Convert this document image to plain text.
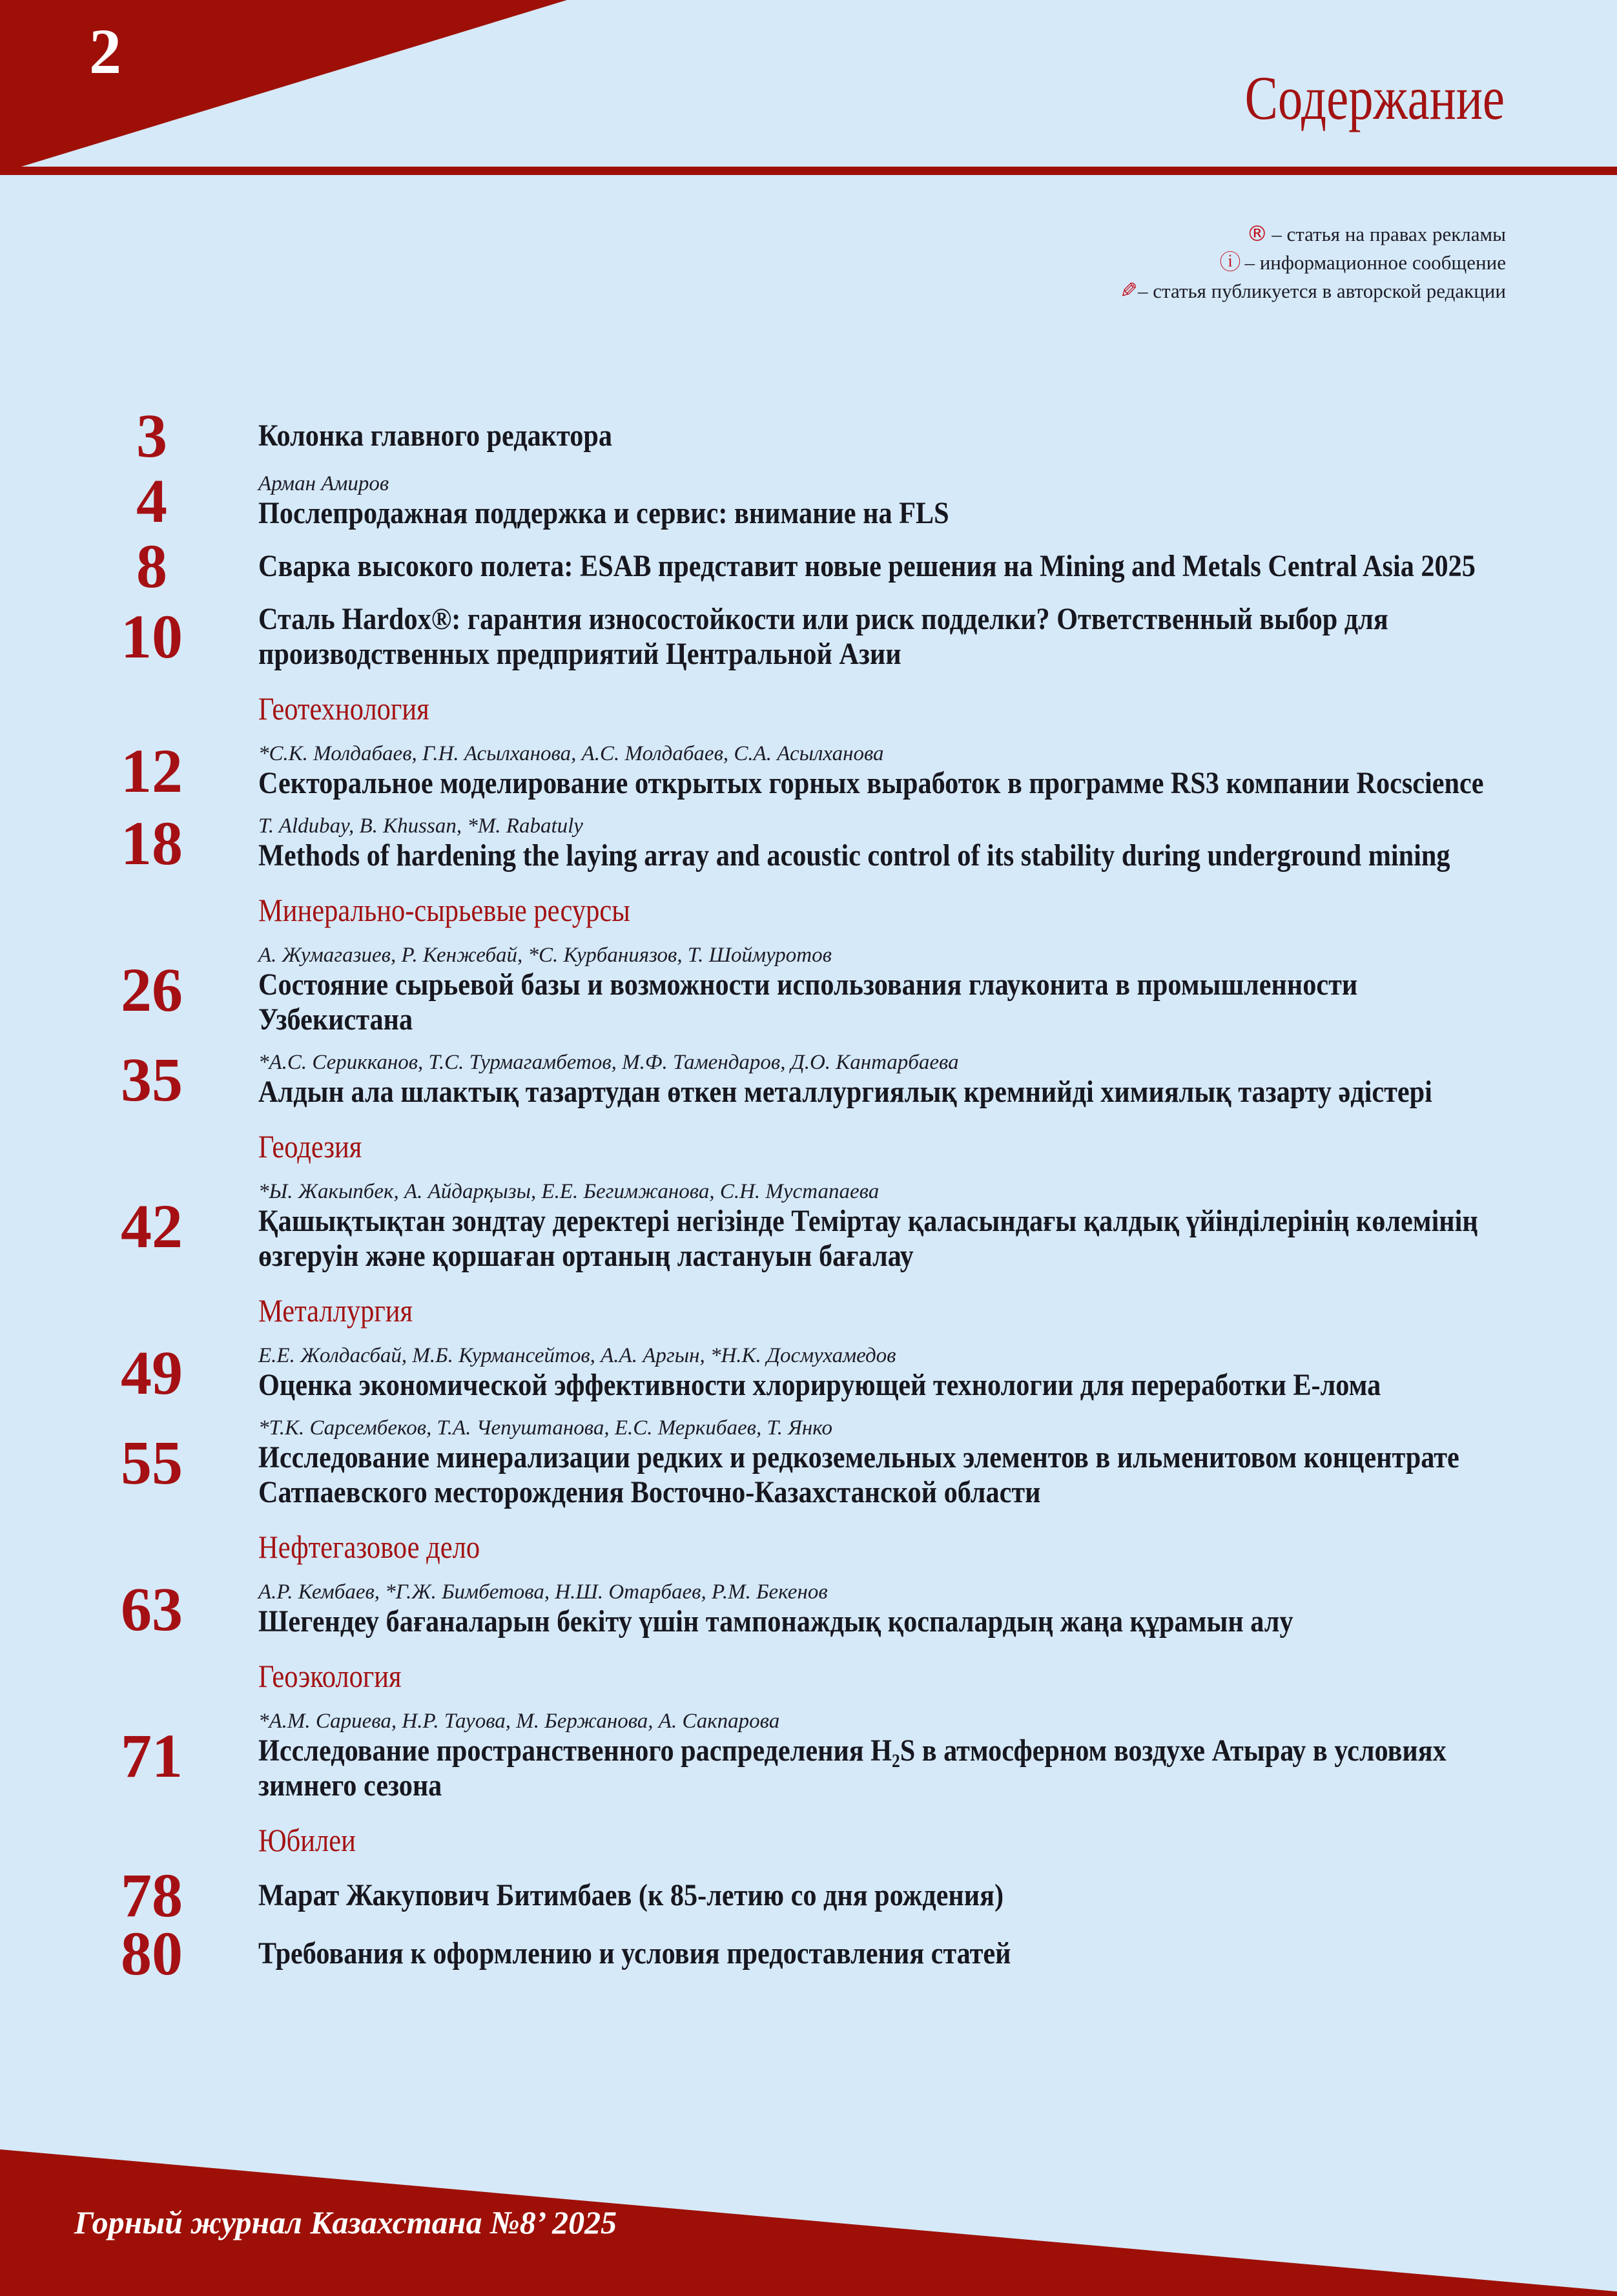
2
Содержание
® – статья на правах рекламы
ⓘ – информационное сообщение
✎– статья публикуется в авторской редакции
3	Колонка главного редактора
4	Арман Амиров
Послепродажная поддержка и сервис: внимание на FLS
8	Сварка высокого полета: ESAB представит новые решения на Mining and Metals Central Asia 2025
10	Сталь Hardox®: гарантия износостойкости или риск подделки? Ответственный выбор для
производственных предприятий Центральной Азии
Геотехнология
12	*С.К. Молдабаев, Г.Н. Асылханова, А.С. Молдабаев, С.А. Асылханова
Секторальное моделирование открытых горных выработок в программе RS3 компании Rocscience
18	T. Aldubay, B. Khussan, *M. Rabatuly
Methods of hardening the laying array and acoustic control of its stability during underground mining
Минерально-сырьевые ресурсы
26	А. Жумагазиев, Р. Кенжебай, *С. Курбаниязов, Т. Шоймуротов
Состояние сырьевой базы и возможности использования глауконита в промышленности
Узбекистана
35	*А.С. Серикканов, Т.С. Турмагамбетов, М.Ф. Тамендаров, Д.О. Кантарбаева
Алдын ала шлактық тазартудан өткен металлургиялық кремнийді химиялық тазарту әдістері
Геодезия
42	*Ы. Жакыпбек, А. Айдарқызы, Е.Е. Бегимжанова, С.Н. Мустапаева
Қашықтықтан зондтау деректері негізінде Теміртау қаласындағы қалдық үйінділерінің көлемінің
өзгеруін және қоршаған ортаның ластануын бағалау
Металлургия
49	Е.Е. Жолдасбай, М.Б. Курмансейтов, А.А. Аргын, *Н.К. Досмухамедов
Оценка экономической эффективности хлорирующей технологии для переработки Е-лома
55	*Т.К. Сарсембеков, Т.А. Чепуштанова, Е.С. Меркибаев, Т. Янко
Исследование минерализации редких и редкоземельных элементов в ильменитовом концентрате
Сатпаевского месторождения Восточно-Казахстанской области
Нефтегазовое дело
63	А.Р. Кембаев, *Г.Ж. Бимбетова, Н.Ш. Отарбаев, Р.М. Бекенов
Шегендеу бағаналарын бекіту үшін тампонаждық қоспалардың жаңа құрамын алу
Геоэкология
71	*А.М. Сариева, Н.Р. Тауова, М. Бержанова, А. Сакпарова
Исследование пространственного распределения H₂S в атмосферном воздухе Атырау в условиях
зимнего сезона
Юбилеи
78	Марат Жакупович Битимбаев (к 85-летию со дня рождения)
80	Требования к оформлению и условия предоставления статей
Горный журнал Казахстана №8’ 2025
